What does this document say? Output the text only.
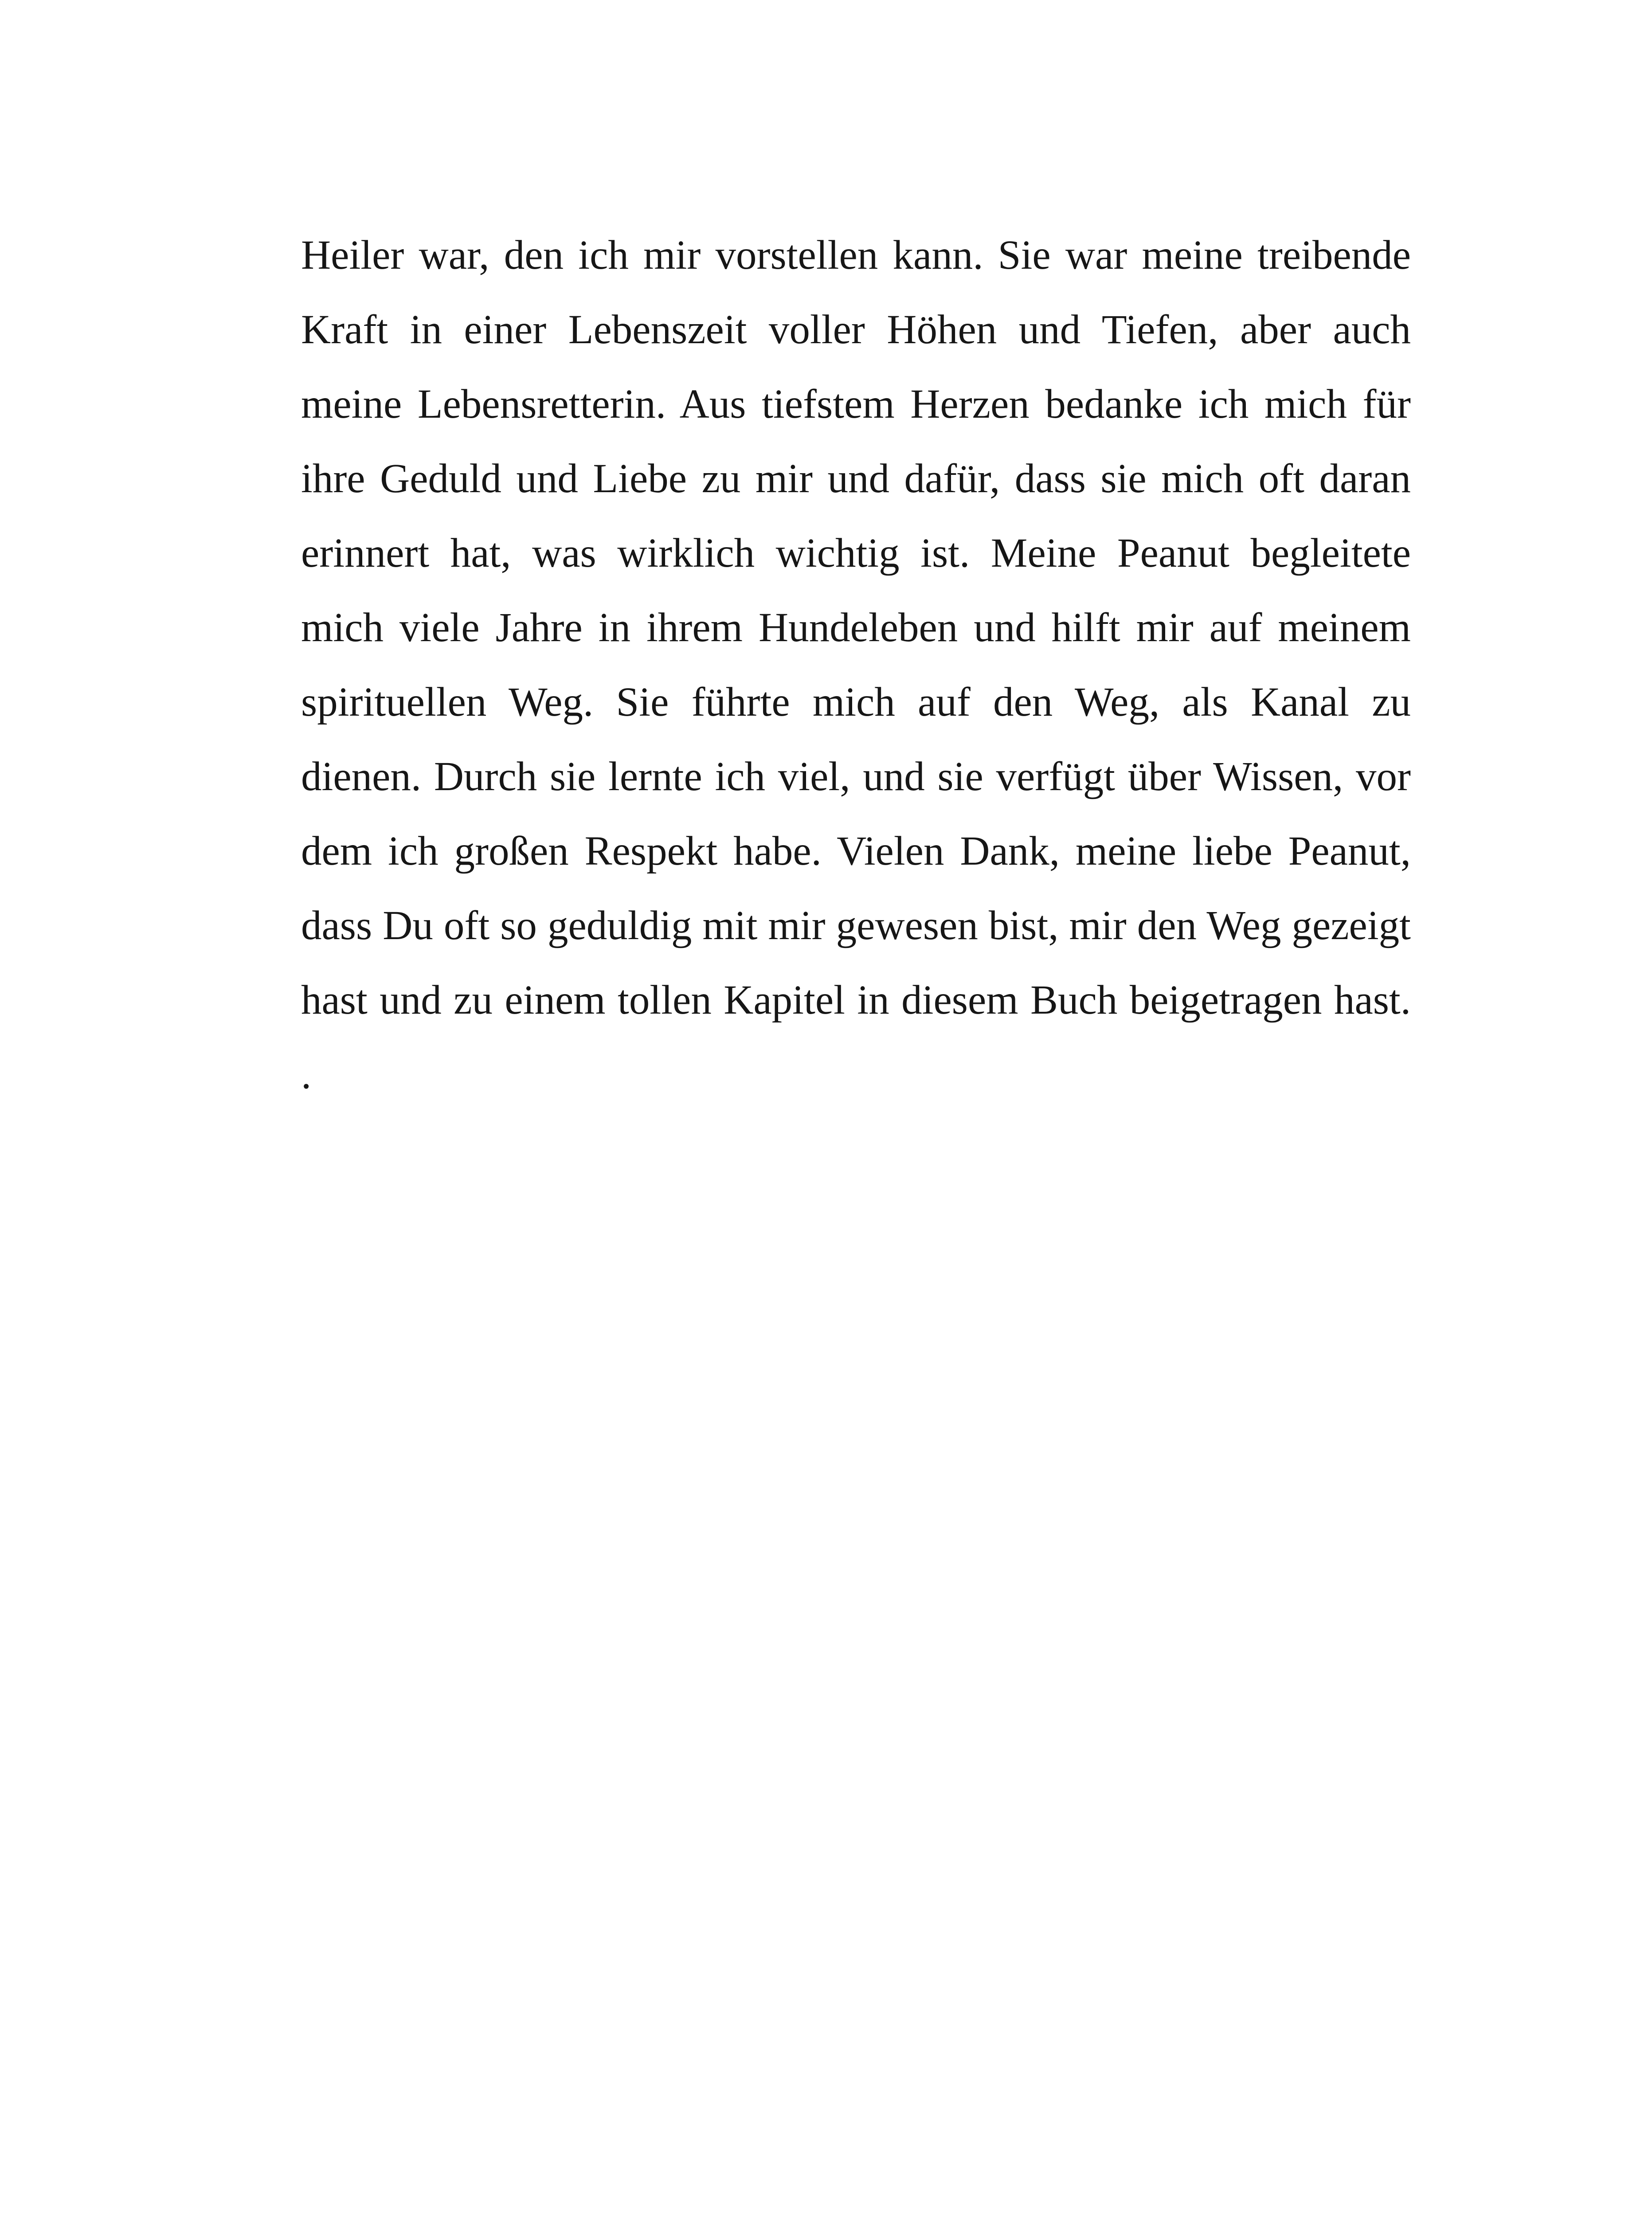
Heiler war, den ich mir vorstellen kann. Sie war meine treibende
Kraft in einer Lebenszeit voller Höhen und Tiefen, aber auch
meine Lebensretterin. Aus tiefstem Herzen bedanke ich mich für
ihre Geduld und Liebe zu mir und dafür, dass sie mich oft daran
erinnert hat, was wirklich wichtig ist. Meine Peanut begleitete
mich viele Jahre in ihrem Hundeleben und hilft mir auf meinem
spirituellen Weg. Sie führte mich auf den Weg, als Kanal zu
dienen. Durch sie lernte ich viel, und sie verfügt über Wissen, vor
dem ich großen Respekt habe. Vielen Dank, meine liebe Peanut,
dass Du oft so geduldig mit mir gewesen bist, mir den Weg gezeigt
hast und zu einem tollen Kapitel in diesem Buch beigetragen hast.
.
